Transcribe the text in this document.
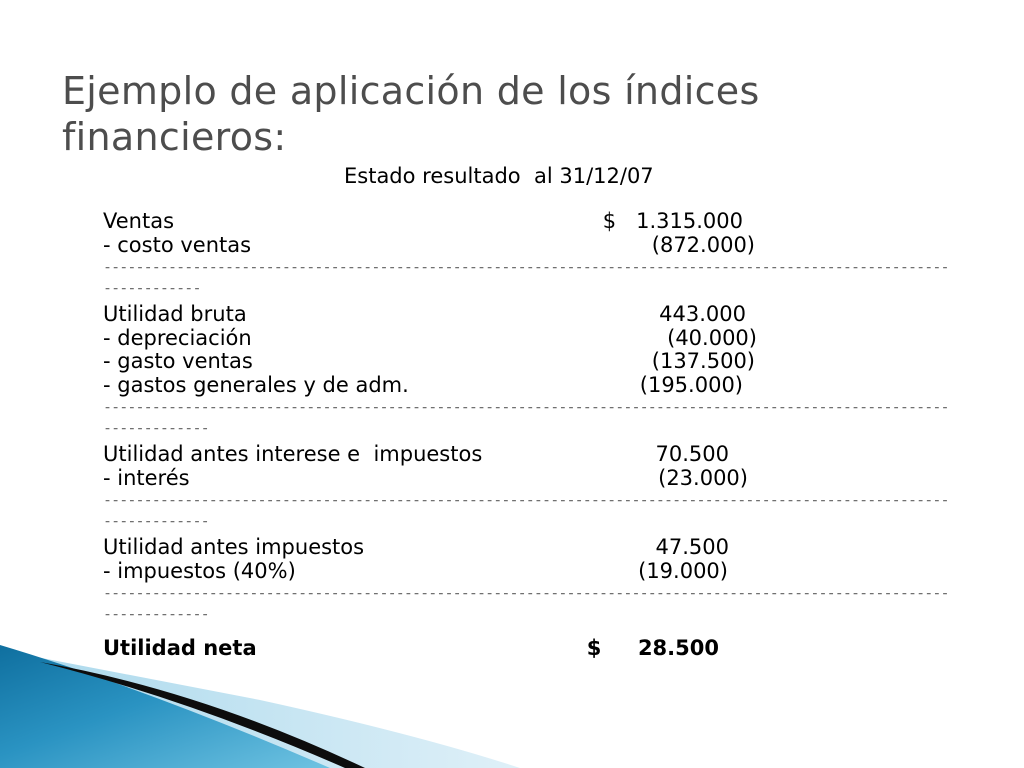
Ejemplo de aplicación de los índices financieros:
Estado resultado  al 31/12/07
Ventas	$   1.315.000
- costo ventas	(872.000)
--------------------------------------------------------------------------------------------------------
------------
Utilidad bruta	443.000
- depreciación	(40.000)
- gasto ventas	(137.500)
- gastos generales y de adm.	(195.000)
--------------------------------------------------------------------------------------------------------
-------------
Utilidad antes interese e  impuestos	70.500
- interés	(23.000)
--------------------------------------------------------------------------------------------------------
-------------
Utilidad antes impuestos	47.500
- impuestos (40%)	(19.000)
--------------------------------------------------------------------------------------------------------
-------------
Utilidad neta	$     28.500
